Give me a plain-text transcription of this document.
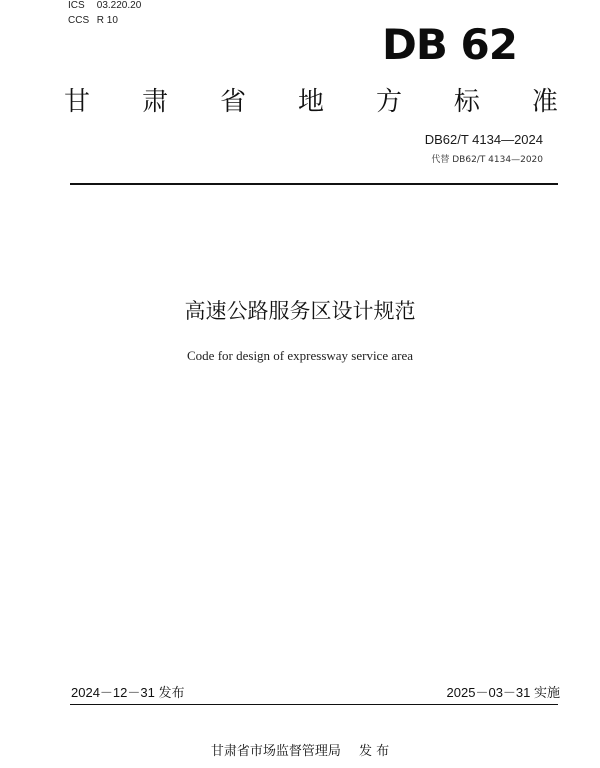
ICS 03.220.20
CCS R 10	DB 62
甘 肃 省 地 方 标 准
DB62/T 4134—2024
代替 DB62/T 4134—2020
高速公路服务区设计规范
Code for design of expressway service area
2024－12－31 发布	2025－03－31 实施
甘肃省市场监督管理局 发 布
